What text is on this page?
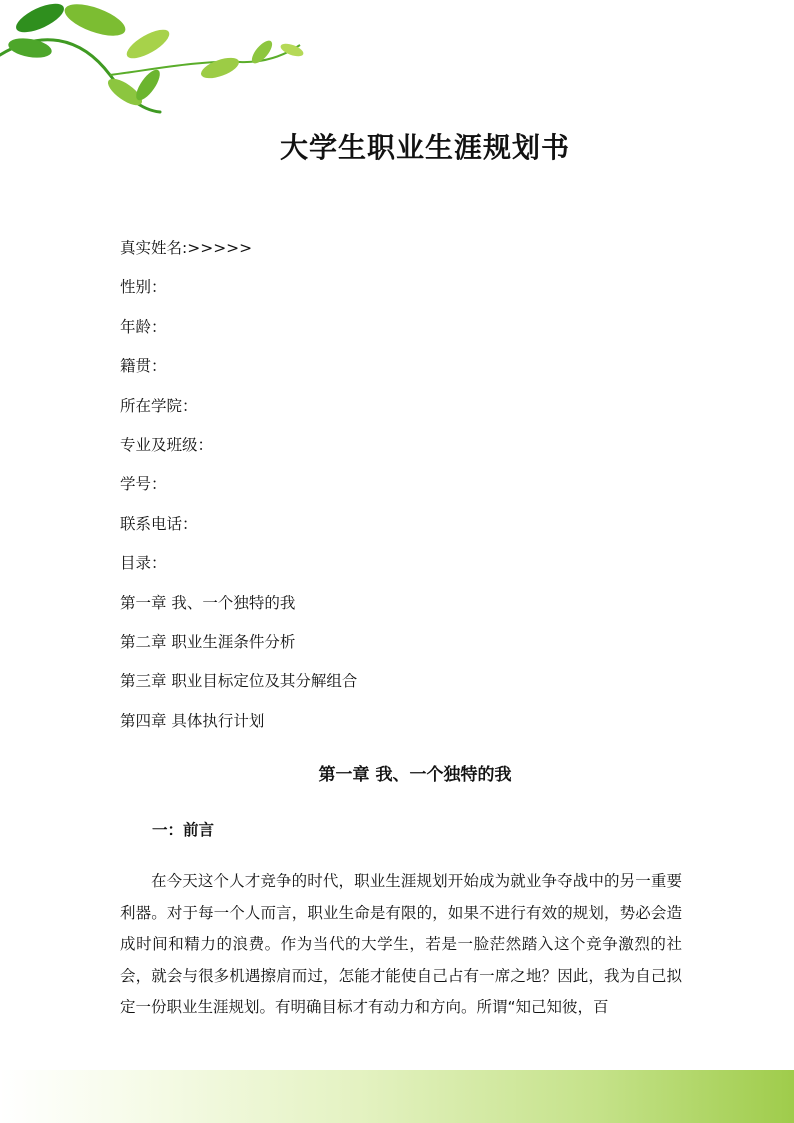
大学生职业生涯规划书
真实姓名:>>>>>
性别：
年龄：
籍贯：
所在学院：
专业及班级：
学号：
联系电话：
目录：
第一章 我、一个独特的我
第二章 职业生涯条件分析
第三章 职业目标定位及其分解组合
第四章 具体执行计划
第一章 我、一个独特的我
一：前言

在今天这个人才竞争的时代，职业生涯规划开始成为就业争夺战中的另一重要利器。对于每一个人而言，职业生命是有限的，如果不进行有效的规划，势必会造成时间和精力的浪费。作为当代的大学生，若是一脸茫然踏入这个竞争激烈的社会，就会与很多机遇擦肩而过，怎能才能使自己占有一席之地？因此，我为自己拟定一份职业生涯规划。有明确目标才有动力和方向。所谓“知己知彼，百
